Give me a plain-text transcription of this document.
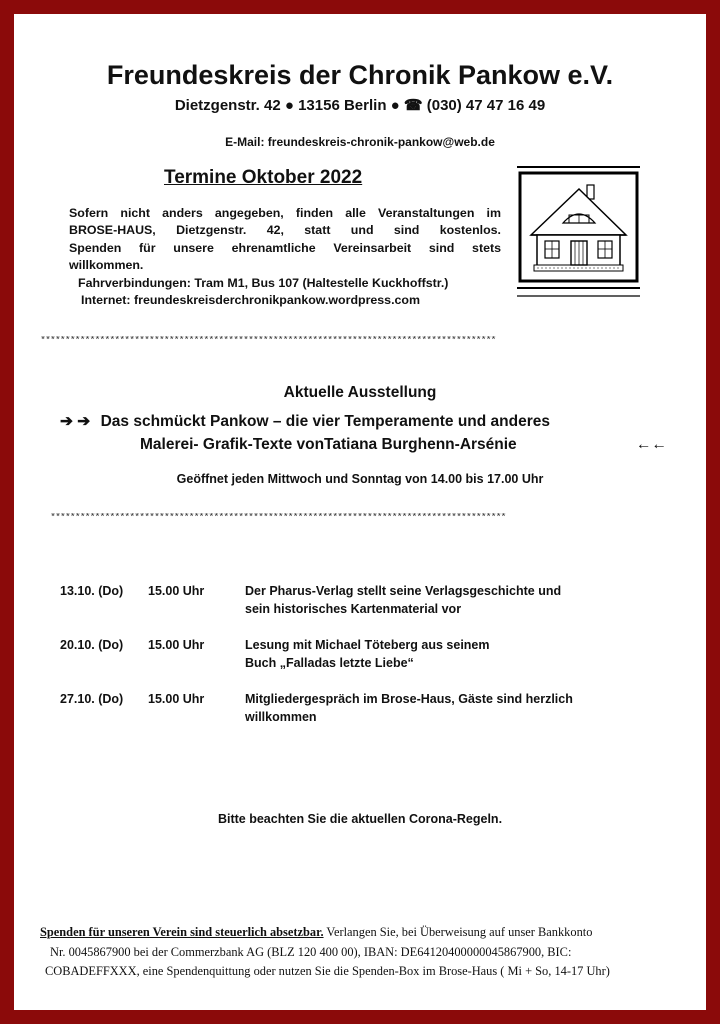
Freundeskreis der Chronik Pankow e.V.
Dietzgenstr. 42 ● 13156 Berlin ● ☎ (030) 47 47 16 49
E-Mail: freundeskreis-chronik-pankow@web.de
Termine Oktober 2022

Sofern nicht anders angegeben, finden alle Veranstaltungen im

BROSE-HAUS, Dietzgenstr. 42, statt und sind kostenlos.

Spenden für unsere ehrenamtliche Vereinsarbeit sind stets

willkommen.

Fahrverbindungen: Tram M1, Bus 107 (Haltestelle Kuckhoffstr.)

Internet: freundeskreisderchronikpankow.wordpress.com

********************************************************************************************
Aktuelle Ausstellung
➔ ➔ Das schmückt Pankow – die vier Temperamente und anderes
Malerei- Grafik-Texte vonTatiana Burghenn-Arsénie	←←
Geöffnet jeden Mittwoch und Sonntag von 14.00 bis 17.00 Uhr
********************************************************************************************
13.10. (Do) 15.00 Uhr	Der Pharus-Verlag stellt seine Verlagsgeschichte und
sein historisches Kartenmaterial vor
20.10. (Do) 15.00 Uhr	Lesung mit Michael Töteberg aus seinem
Buch „Falladas letzte Liebe“
27.10. (Do) 15.00 Uhr	Mitgliedergespräch im Brose-Haus, Gäste sind herzlich
willkommen
Bitte beachten Sie die aktuellen Corona-Regeln.
Spenden für unseren Verein sind steuerlich absetzbar. Verlangen Sie, bei Überweisung auf unser Bankkonto
Nr. 0045867900 bei der Commerzbank AG (BLZ 120 400 00), IBAN: DE64120400000045867900, BIC:
COBADEFFXXX, eine Spendenquittung oder nutzen Sie die Spenden-Box im Brose-Haus ( Mi + So, 14-17 Uhr)
